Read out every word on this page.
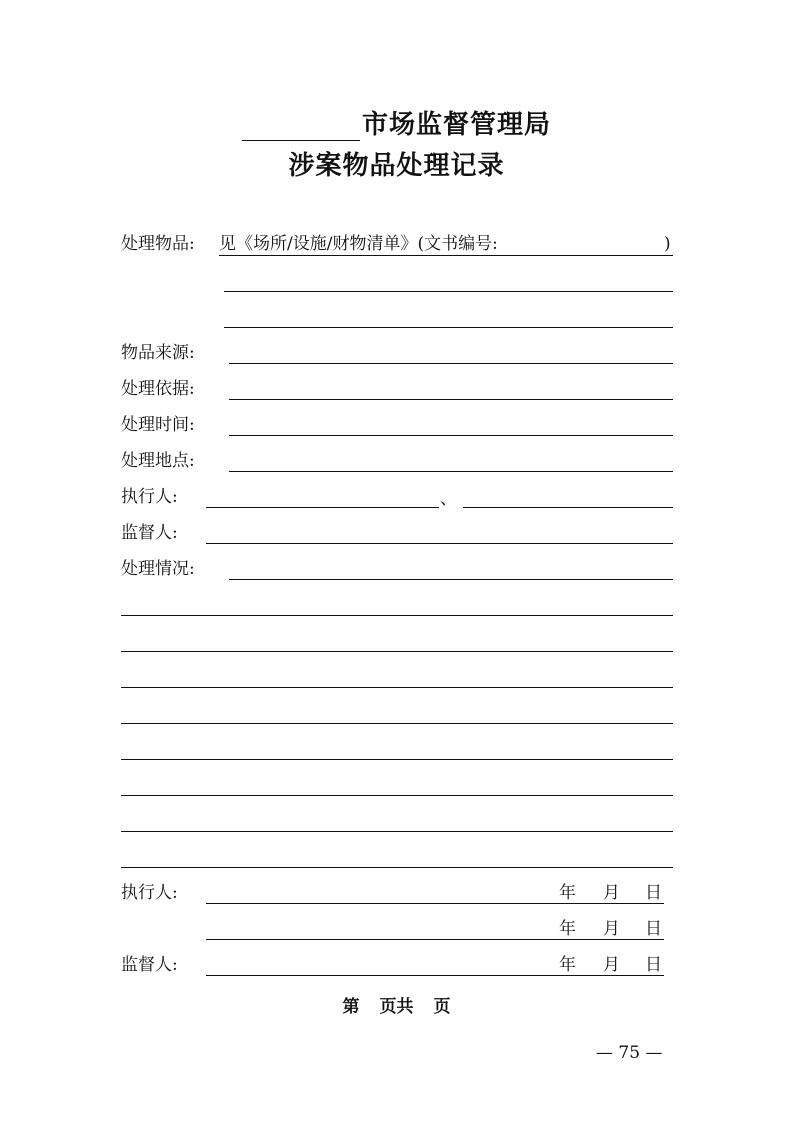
市场监督管理局
涉案物品处理记录
处理物品: 见《场所/设施/财物清单》(文书编号:	)
物品来源:
处理依据:
处理时间:
处理地点:
执行人:	、
监督人:
处理情况:
执行人:	年 月 日
年 月 日
监督人:	年 月 日
第 页共 页
— 75 —
